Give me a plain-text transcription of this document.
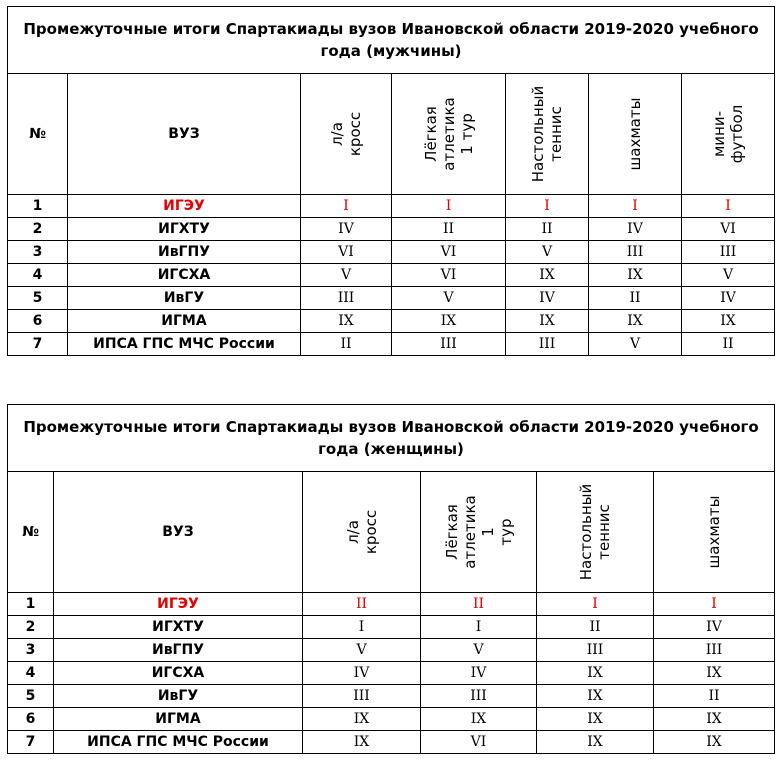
Промежуточные итоги Спартакиады вузов Ивановской области 2019-2020 учебного года (мужчины)						
№	ВУЗ	л/а кросс	Лёгкая
атлетика
1 тур	Настольный
теннис	шахматы	мини-
футбол

1	ИГЭУ	I	I	I	I	I
2	ИГХТУ	IV	II	II	IV	VI
3	ИвГПУ	VI	VI	V	III	III
4	ИГСХА	V	VI	IX	IX	V
5	ИвГУ	III	V	IV	II	IV
6	ИГМА	IX	IX	IX	IX	IX
7	ИПСА ГПС МЧС России	II	III	III	V	II
Промежуточные итоги Спартакиады вузов Ивановской области 2019-2020 учебного года (женщины)					
№	ВУЗ	л/а кросс	Лёгкая
атлетика 1
тур	Настольный
теннис	шахматы

1	ИГЭУ	II	II	I	I
2	ИГХТУ	I	I	II	IV
3	ИвГПУ	V	V	III	III
4	ИГСХА	IV	IV	IX	IX
5	ИвГУ	III	III	IX	II
6	ИГМА	IX	IX	IX	IX
7	ИПСА ГПС МЧС России	IX	VI	IX	IX
